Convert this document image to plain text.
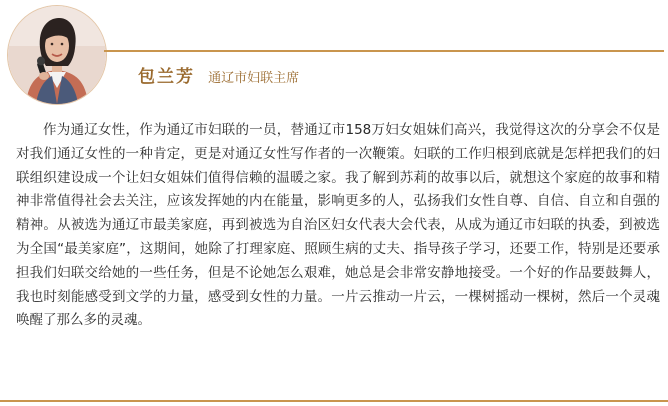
包兰芳 通辽市妇联主席

作为通辽女性，作为通辽市妇联的一员，替通辽市158万妇女姐妹们高兴，我觉得这次的分享会不仅是对我们通辽女性的一种肯定，更是对通辽女性写作者的一次鞭策。妇联的工作归根到底就是怎样把我们的妇联组织建设成一个让妇女姐妹们值得信赖的温暖之家。我了解到苏莉的故事以后，就想这个家庭的故事和精神非常值得社会去关注，应该发挥她的内在能量，影响更多的人，弘扬我们女性自尊、自信、自立和自强的精神。从被选为通辽市最美家庭，再到被选为自治区妇女代表大会代表，从成为通辽市妇联的执委，到被选为全国“最美家庭”，这期间，她除了打理家庭、照顾生病的丈夫、指导孩子学习，还要工作，特别是还要承担我们妇联交给她的一些任务，但是不论她怎么艰难，她总是会非常安静地接受。一个好的作品要鼓舞人，我也时刻能感受到文学的力量，感受到女性的力量。一片云推动一片云，一棵树摇动一棵树，然后一个灵魂唤醒了那么多的灵魂。
